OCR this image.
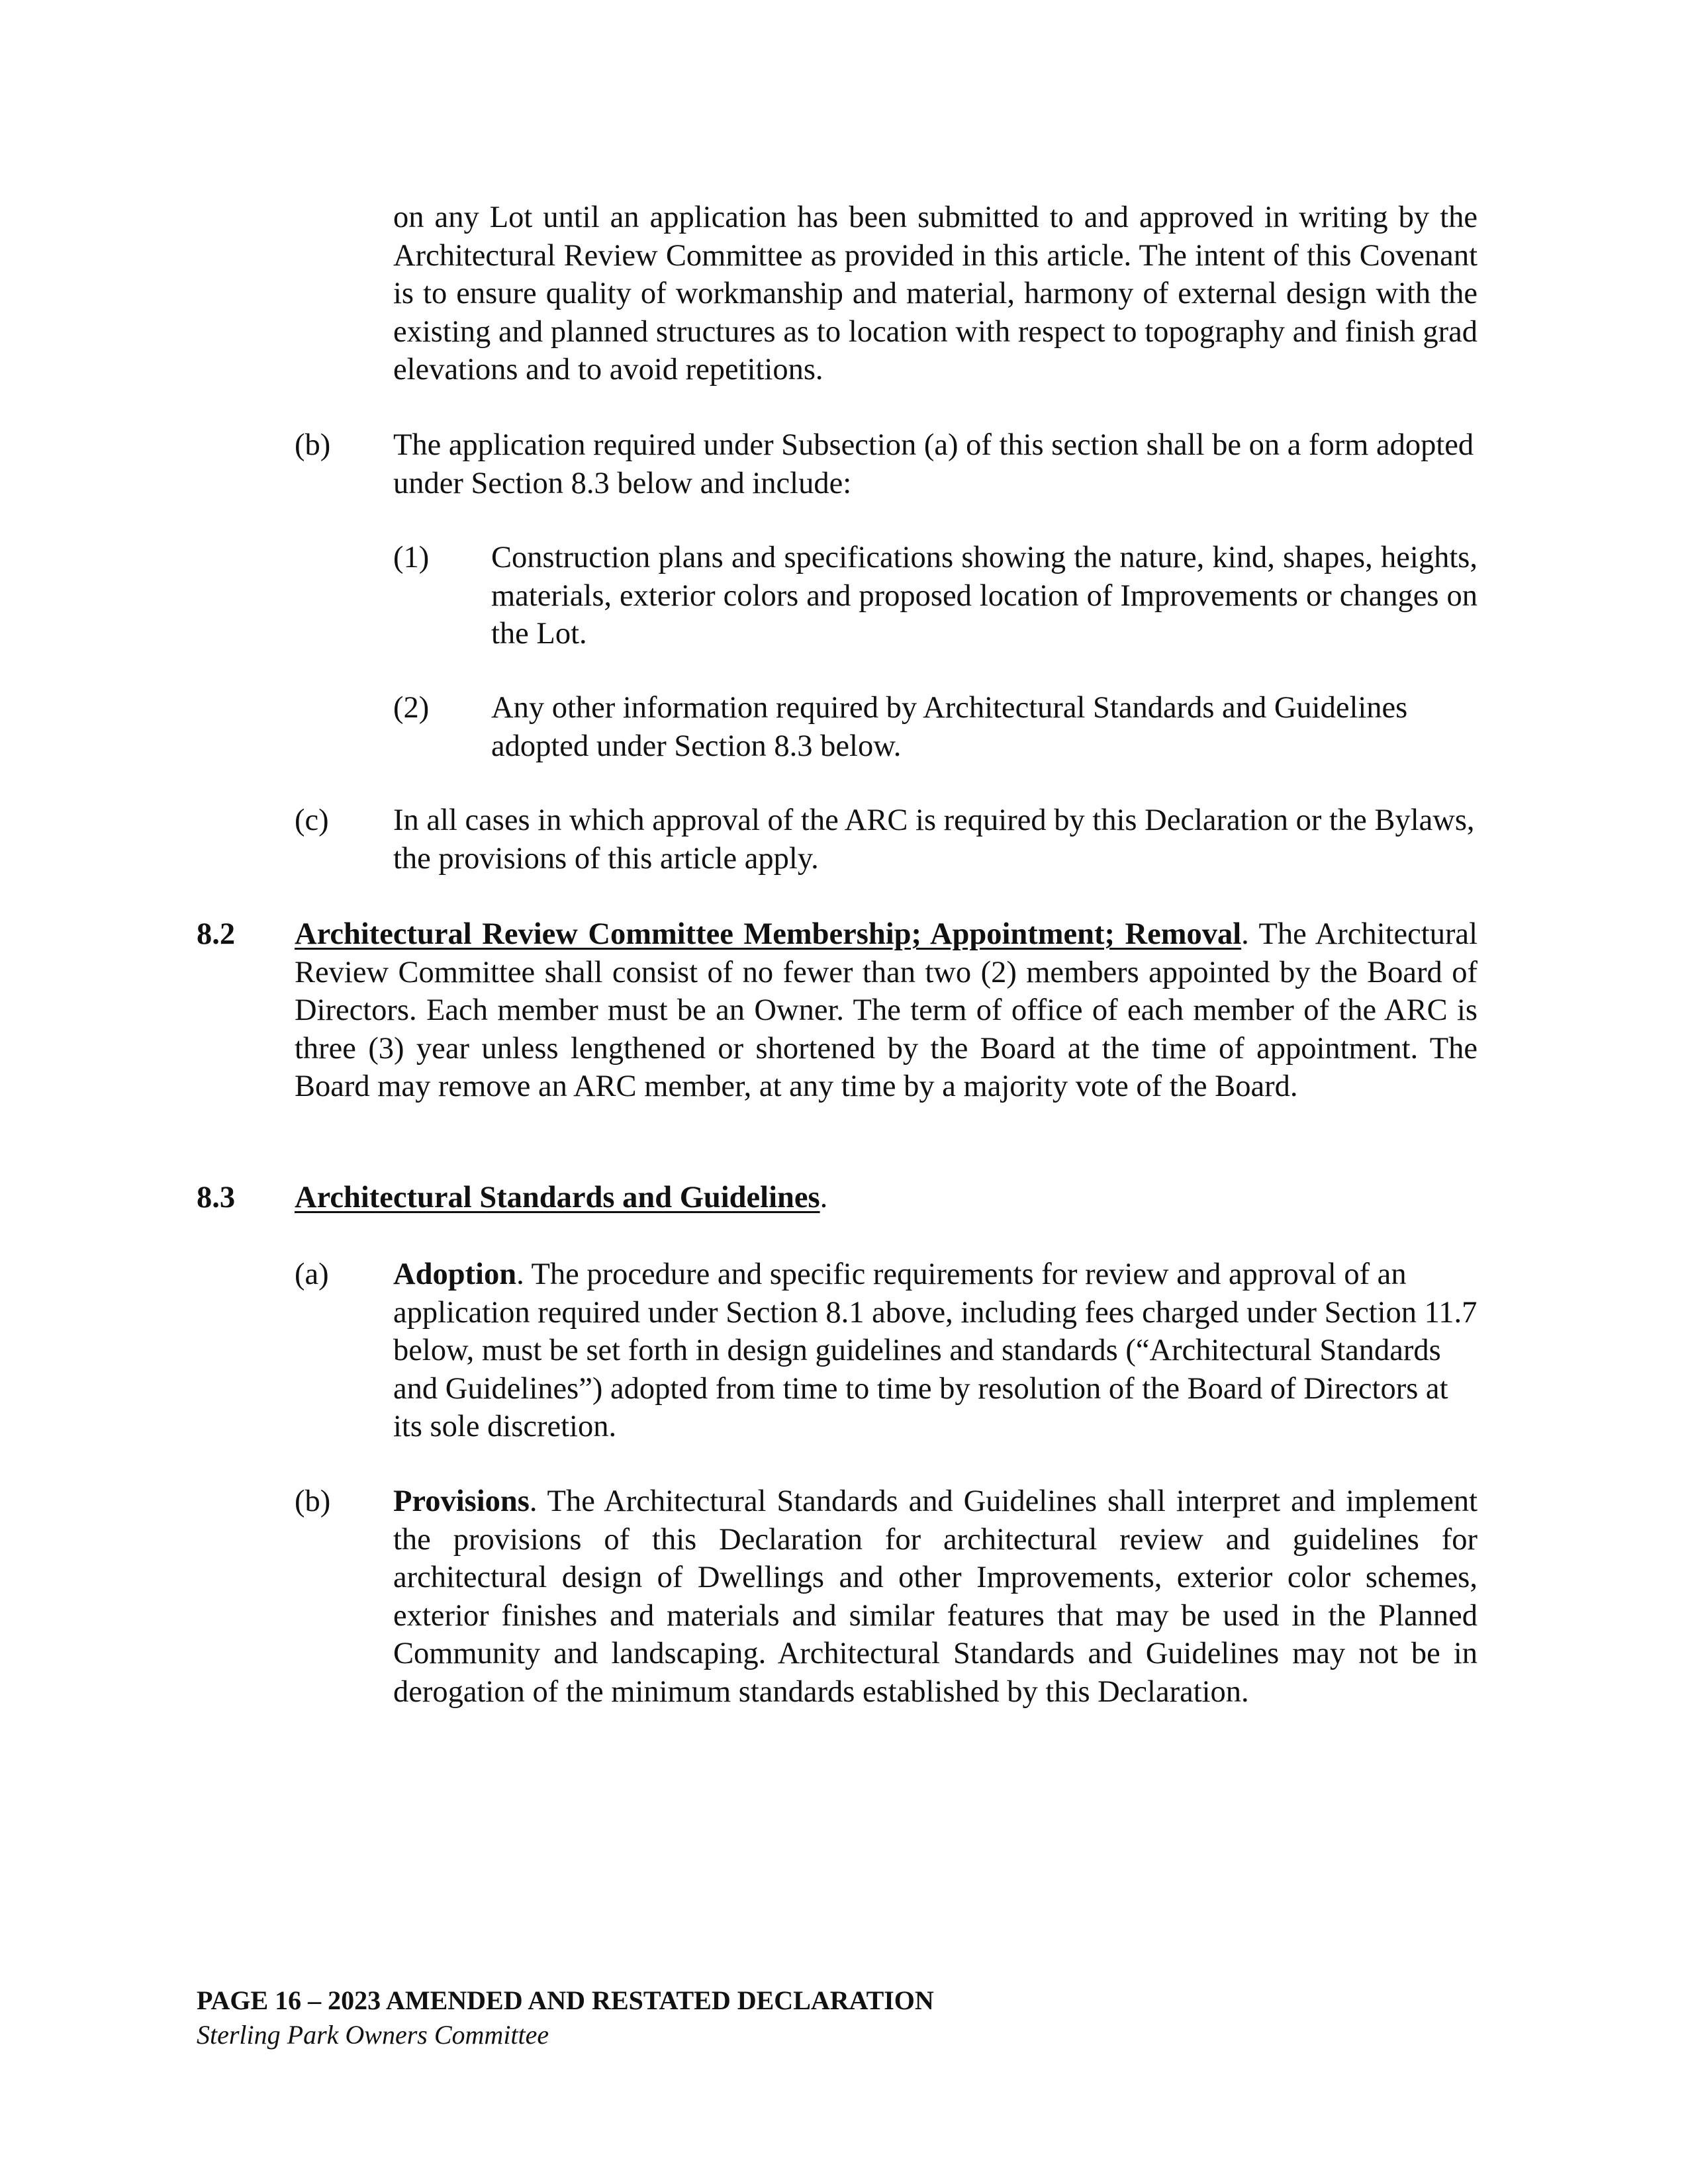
on any Lot until an application has been submitted to and approved in writing by the Architectural Review Committee as provided in this article. The intent of this Covenant is to ensure quality of workmanship and material, harmony of external design with the existing and planned structures as to location with respect to topography and finish grad elevations and to avoid repetitions.

(b) The application required under Subsection (a) of this section shall be on a form adopted under Section 8.3 below and include:

(1) Construction plans and specifications showing the nature, kind, shapes, heights, materials, exterior colors and proposed location of Improvements or changes on the Lot.

(2) Any other information required by Architectural Standards and Guidelines adopted under Section 8.3 below.

(c) In all cases in which approval of the ARC is required by this Declaration or the Bylaws, the provisions of this article apply.

8.2 Architectural Review Committee Membership; Appointment; Removal. The Architectural Review Committee shall consist of no fewer than two (2) members appointed by the Board of Directors. Each member must be an Owner. The term of office of each member of the ARC is three (3) year unless lengthened or shortened by the Board at the time of appointment. The Board may remove an ARC member, at any time by a majority vote of the Board.

8.3 Architectural Standards and Guidelines.

(a) Adoption. The procedure and specific requirements for review and approval of an application required under Section 8.1 above, including fees charged under Section 11.7 below, must be set forth in design guidelines and standards (“Architectural Standards and Guidelines”) adopted from time to time by resolution of the Board of Directors at its sole discretion.

(b) Provisions. The Architectural Standards and Guidelines shall interpret and implement the provisions of this Declaration for architectural review and guidelines for architectural design of Dwellings and other Improvements, exterior color schemes, exterior finishes and materials and similar features that may be used in the Planned Community and landscaping. Architectural Standards and Guidelines may not be in derogation of the minimum standards established by this Declaration.

PAGE 16 – 2023 AMENDED AND RESTATED DECLARATION
Sterling Park Owners Committee
